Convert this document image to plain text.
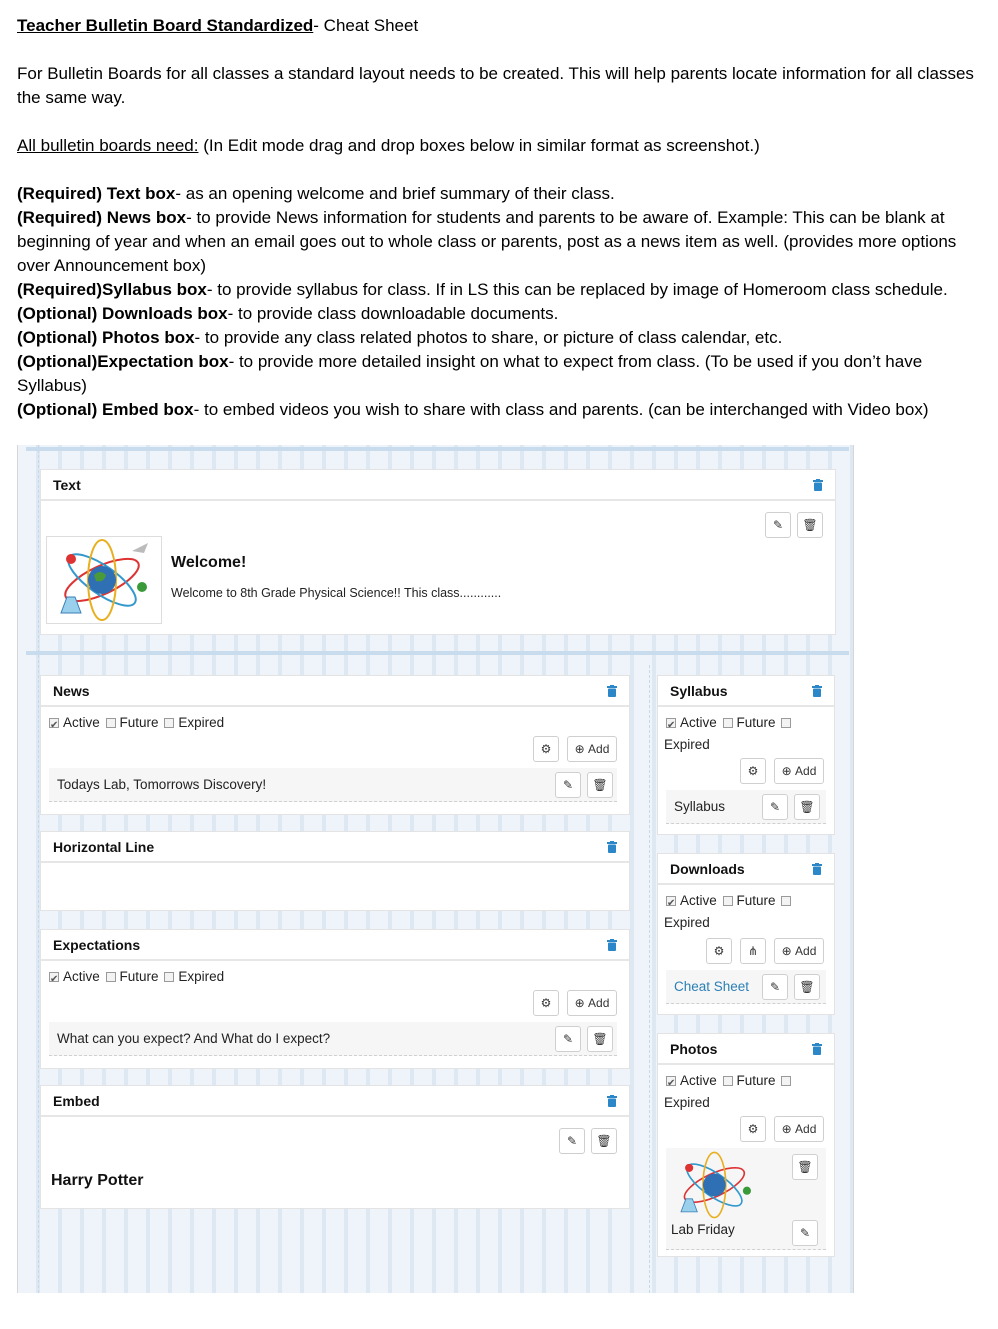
Teacher Bulletin Board Standardized- Cheat Sheet

For Bulletin Boards for all classes a standard layout needs to be created. This will help parents locate information for all classes the same way.

All bulletin boards need: (In Edit mode drag and drop boxes below in similar format as screenshot.)

(Required) Text box- as an opening welcome and brief summary of their class.

(Required) News box- to provide News information for students and parents to be aware of. Example: This can be blank at beginning of year and when an email goes out to whole class or parents, post as a news item as well. (provides more options over Announcement box)

(Required)Syllabus box- to provide syllabus for class. If in LS this can be replaced by image of Homeroom class schedule.

(Optional) Downloads box- to provide class downloadable documents.

(Optional) Photos box- to provide any class related photos to share, or picture of class calendar, etc.

(Optional)Expectation box- to provide more detailed insight on what to expect from class. (To be used if you don’t have Syllabus)

(Optional) Embed box- to embed videos you wish to share with class and parents. (can be interchanged with Video box)

Text
✎ 🗑
Welcome!
Welcome to 8th Grade Physical Science!! This class............
News
✔Active Future Expired
⚙ ⊕
Add
Todays Lab, Tomorrows Discovery!	✎ 🗑
Horizontal Line
Expectations
✔Active Future Expired
⚙ ⊕
Add
What can you expect? And What do I expect?	✎ 🗑
Embed
✎ 🗑
Harry Potter
Syllabus
✔Active Future
Expired
⚙ ⊕
Add
Syllabus	✎ 🗑
Downloads
✔Active Future
Expired
⚙ ⋔ ⊕
Add
Cheat Sheet ✎ 🗑
Photos
✔Active Future
Expired
⚙ ⊕
Add
Lab Friday
🗑
✎
